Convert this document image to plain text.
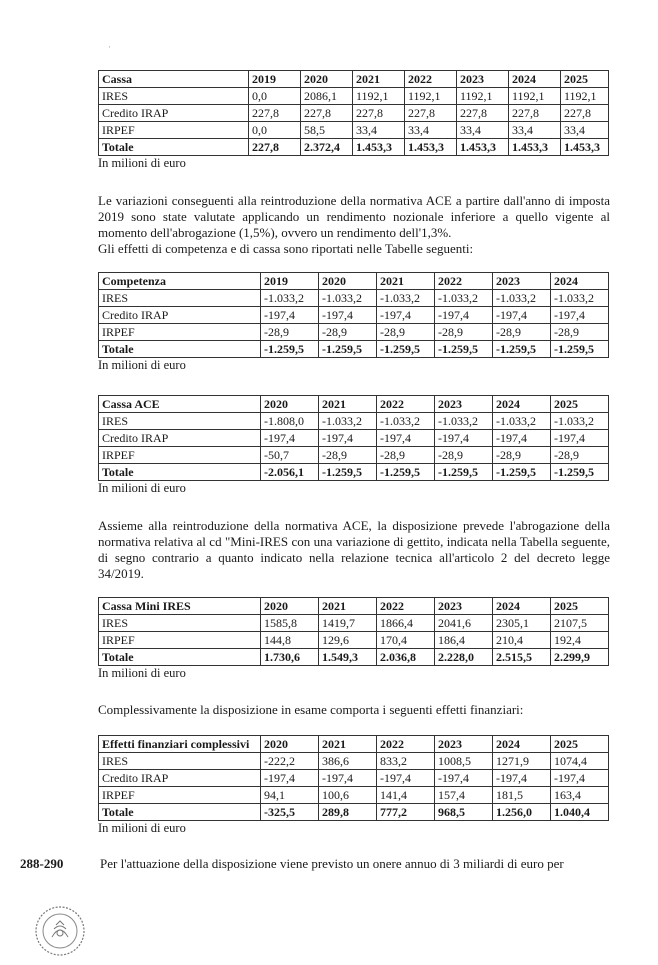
·
Cassa	2019	2020	2021	2022	2023	2024	2025
IRES	0,0	2086,1	1192,1	1192,1	1192,1	1192,1	1192,1
Credito IRAP	227,8	227,8	227,8	227,8	227,8	227,8	227,8
IRPEF	0,0	58,5	33,4	33,4	33,4	33,4	33,4
Totale	227,8	2.372,4	1.453,3	1.453,3	1.453,3	1.453,3	1.453,3
In milioni di euro

Le variazioni conseguenti alla reintroduzione della normativa ACE a partire dall'anno di imposta 2019 sono state valutate applicando un rendimento nozionale inferiore a quello vigente al momento dell'abrogazione (1,5%), ovvero un rendimento dell'1,3%.

Gli effetti di competenza e di cassa sono riportati nelle Tabelle seguenti:

Competenza	2019	2020	2021	2022	2023	2024
IRES	-1.033,2	-1.033,2	-1.033,2	-1.033,2	-1.033,2	-1.033,2
Credito IRAP	-197,4	-197,4	-197,4	-197,4	-197,4	-197,4
IRPEF	-28,9	-28,9	-28,9	-28,9	-28,9	-28,9
Totale	-1.259,5	-1.259,5	-1.259,5	-1.259,5	-1.259,5	-1.259,5
In milioni di euro
Cassa ACE	2020	2021	2022	2023	2024	2025
IRES	-1.808,0	-1.033,2	-1.033,2	-1.033,2	-1.033,2	-1.033,2
Credito IRAP	-197,4	-197,4	-197,4	-197,4	-197,4	-197,4
IRPEF	-50,7	-28,9	-28,9	-28,9	-28,9	-28,9
Totale	-2.056,1	-1.259,5	-1.259,5	-1.259,5	-1.259,5	-1.259,5
In milioni di euro

Assieme alla reintroduzione della normativa ACE, la disposizione prevede l'abrogazione della normativa relativa al cd "Mini-IRES con una variazione di gettito, indicata nella Tabella seguente, di segno contrario a quanto indicato nella relazione tecnica all'articolo 2 del decreto legge 34/2019.

Cassa Mini IRES	2020	2021	2022	2023	2024	2025
IRES	1585,8	1419,7	1866,4	2041,6	2305,1	2107,5
IRPEF	144,8	129,6	170,4	186,4	210,4	192,4
Totale	1.730,6	1.549,3	2.036,8	2.228,0	2.515,5	2.299,9
In milioni di euro

Complessivamente la disposizione in esame comporta i seguenti effetti finanziari:

Effetti finanziari complessivi	2020	2021	2022	2023	2024	2025
IRES	-222,2	386,6	833,2	1008,5	1271,9	1074,4
Credito IRAP	-197,4	-197,4	-197,4	-197,4	-197,4	-197,4
IRPEF	94,1	100,6	141,4	157,4	181,5	163,4
Totale	-325,5	289,8	777,2	968,5	1.256,0	1.040,4
In milioni di euro
288-290	Per l'attuazione della disposizione viene previsto un onere annuo di 3 miliardi di euro per
